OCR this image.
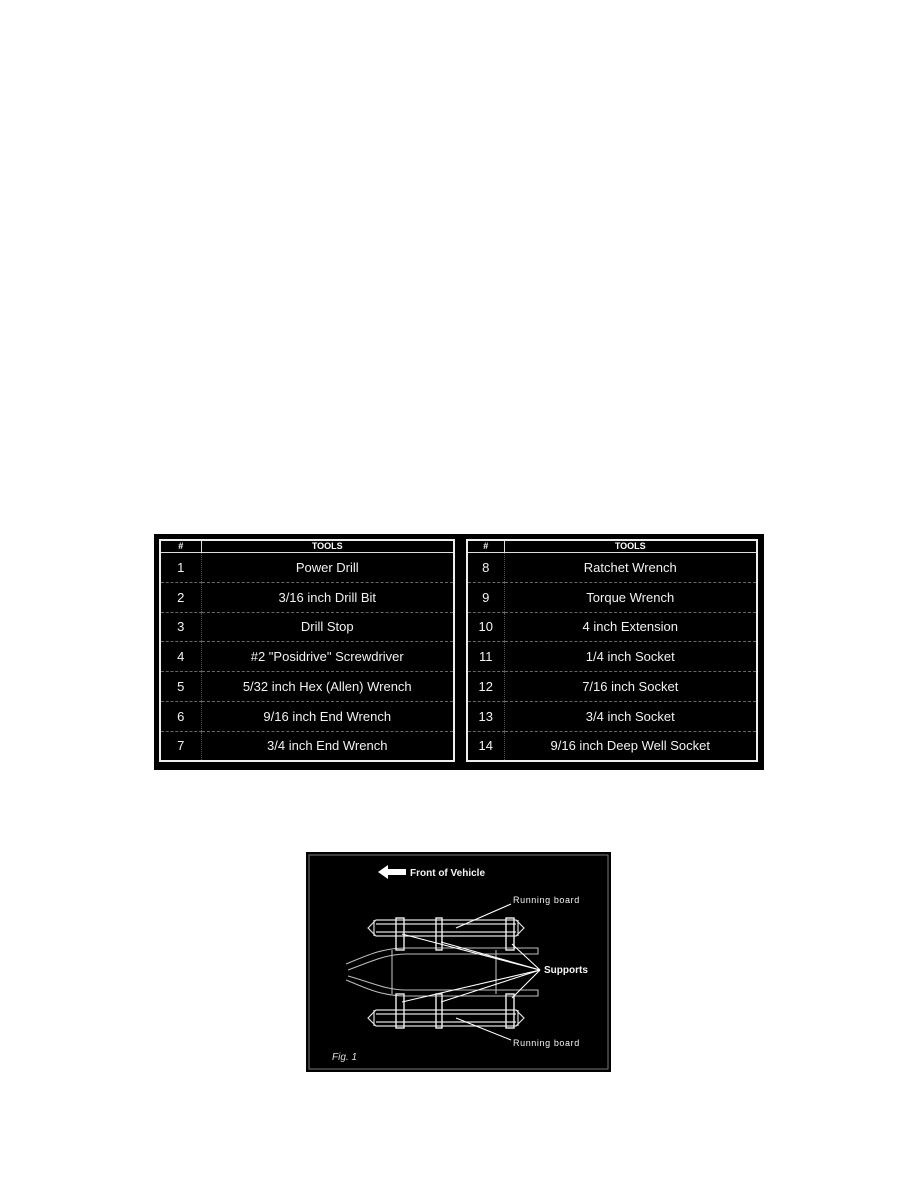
#	TOOLS
1	Power Drill
2	3/16 inch Drill Bit
3	Drill Stop
4	#2 "Posidrive" Screwdriver
5	5/32 inch Hex (Allen) Wrench
6	9/16 inch End Wrench
7	3/4 inch End Wrench
#	TOOLS
8	Ratchet Wrench
9	Torque Wrench
10	4 inch Extension
11	1/4 inch Socket
12	7/16 inch Socket
13	3/4 inch Socket
14	9/16 inch Deep Well Socket
Front of Vehicle
Running board
Supports
Running board
Fig. 1
